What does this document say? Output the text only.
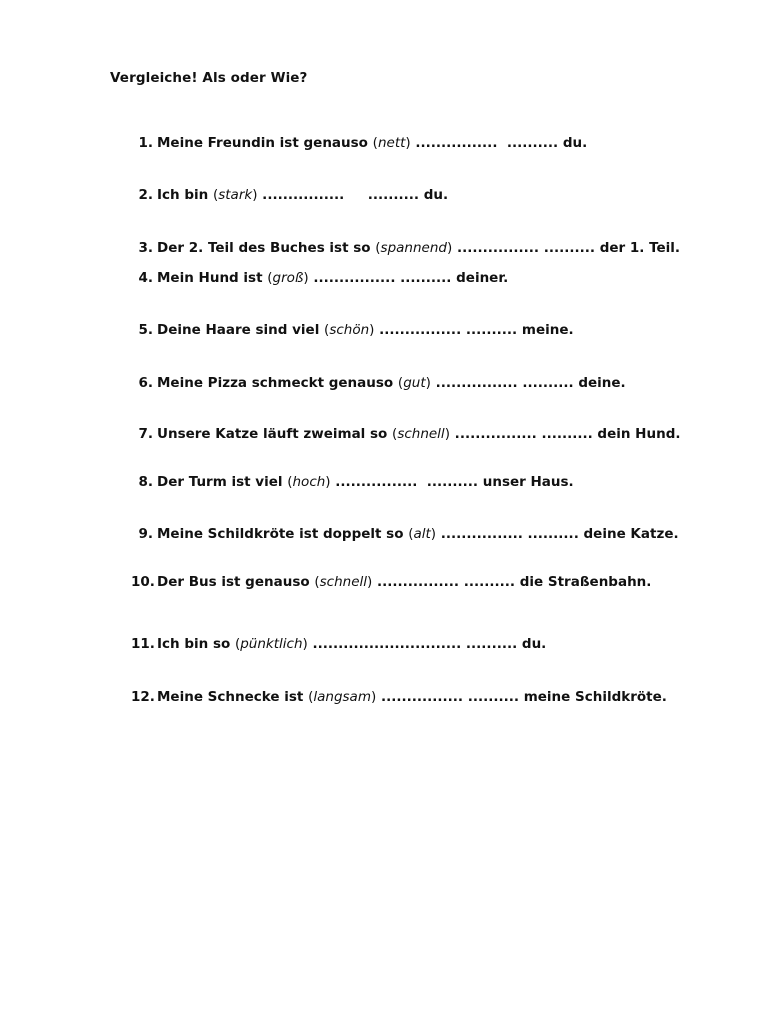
Vergleiche! Als oder Wie?

1.

Meine Freundin ist genauso (nett) ................  .......... du.

2.

Ich bin (stark) ................     .......... du.

3.

Der 2. Teil des Buches ist so (spannend) ................ .......... der 1. Teil.

4.

Mein Hund ist (groß) ................ .......... deiner.

5.

Deine Haare sind viel (schön) ................ .......... meine.

6.

Meine Pizza schmeckt genauso (gut) ................ .......... deine.

7.

Unsere Katze läuft zweimal so (schnell) ................ .......... dein Hund.

8.

Der Turm ist viel (hoch) ................  .......... unser Haus.

9.

Meine Schildkröte ist doppelt so (alt) ................ .......... deine Katze.

10.

Der Bus ist genauso (schnell) ................ .......... die Straßenbahn.

11.

Ich bin so (pünktlich) ............................. .......... du.

12.

Meine Schnecke ist (langsam) ................ .......... meine Schildkröte.
